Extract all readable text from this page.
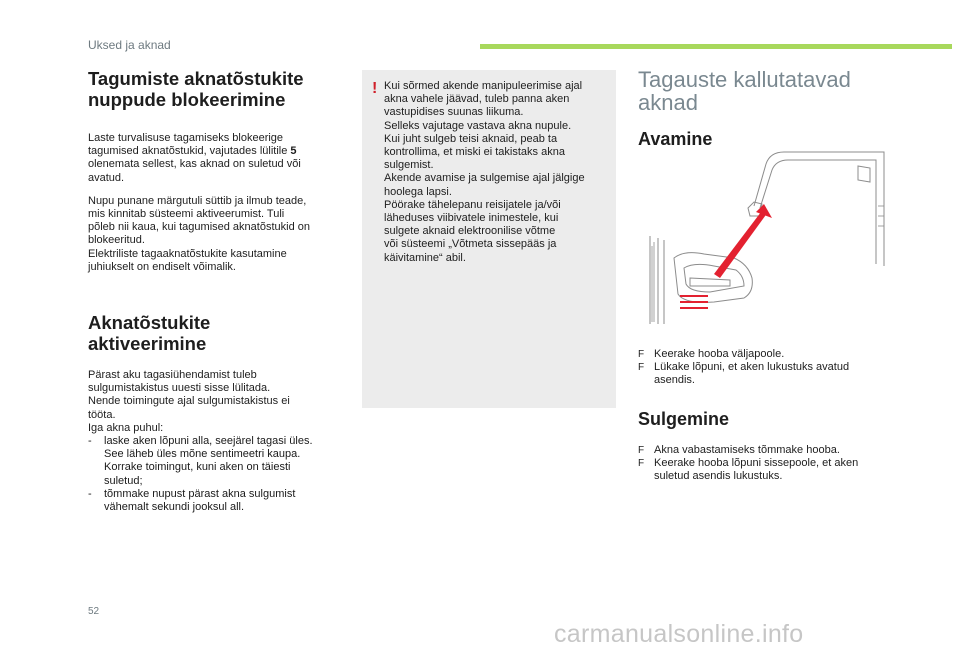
Uksed ja aknad
Tagumiste aknatõstukite
nuppude blokeerimine

Laste turvalisuse tagamiseks blokeerige
tagumised aknatõstukid, vajutades lülitile 5
olenemata sellest, kas aknad on suletud või
avatud.

Nupu punane märgutuli süttib ja ilmub teade,
mis kinnitab süsteemi aktiveerumist. Tuli
põleb nii kaua, kui tagumised aknatõstukid on
blokeeritud.
Elektriliste tagaaknatõstukite kasutamine
juhiukselt on endiselt võimalik.

Aknatõstukite
aktiveerimine

Pärast aku tagasiühendamist tuleb
sulgumistakistus uuesti sisse lülitada.
Nende toimingute ajal sulgumistakistus ei
tööta.
Iga akna puhul:

- laske aken lõpuni alla, seejärel tagasi üles.
See läheb üles mõne sentimeetri kaupa.
Korrake toimingut, kuni aken on täiesti
suletud;
- tõmmake nupust pärast akna sulgumist
vähemalt sekundi jooksul all.
! Kui sõrmed akende manipuleerimise ajal
akna vahele jäävad, tuleb panna aken
vastupidises suunas liikuma.
Selleks vajutage vastava akna nupule.
Kui juht sulgeb teisi aknaid, peab ta
kontrollima, et miski ei takistaks akna
sulgemist.
Akende avamise ja sulgemise ajal jälgige
hoolega lapsi.
Pöörake tähelepanu reisijatele ja/või
läheduses viibivatele inimestele, kui
sulgete aknaid elektroonilise võtme
või süsteemi „Võtmeta sissepääs ja
käivitamine“ abil.
Tagauste kallutatavad
aknad
Avamine
F Keerake hooba väljapoole.
F Lükake lõpuni, et aken lukustuks avatud
asendis.
Sulgemine
F Akna vabastamiseks tõmmake hooba.
F Keerake hooba lõpuni sissepoole, et aken
suletud asendis lukustuks.
52
carmanualsonline.info
